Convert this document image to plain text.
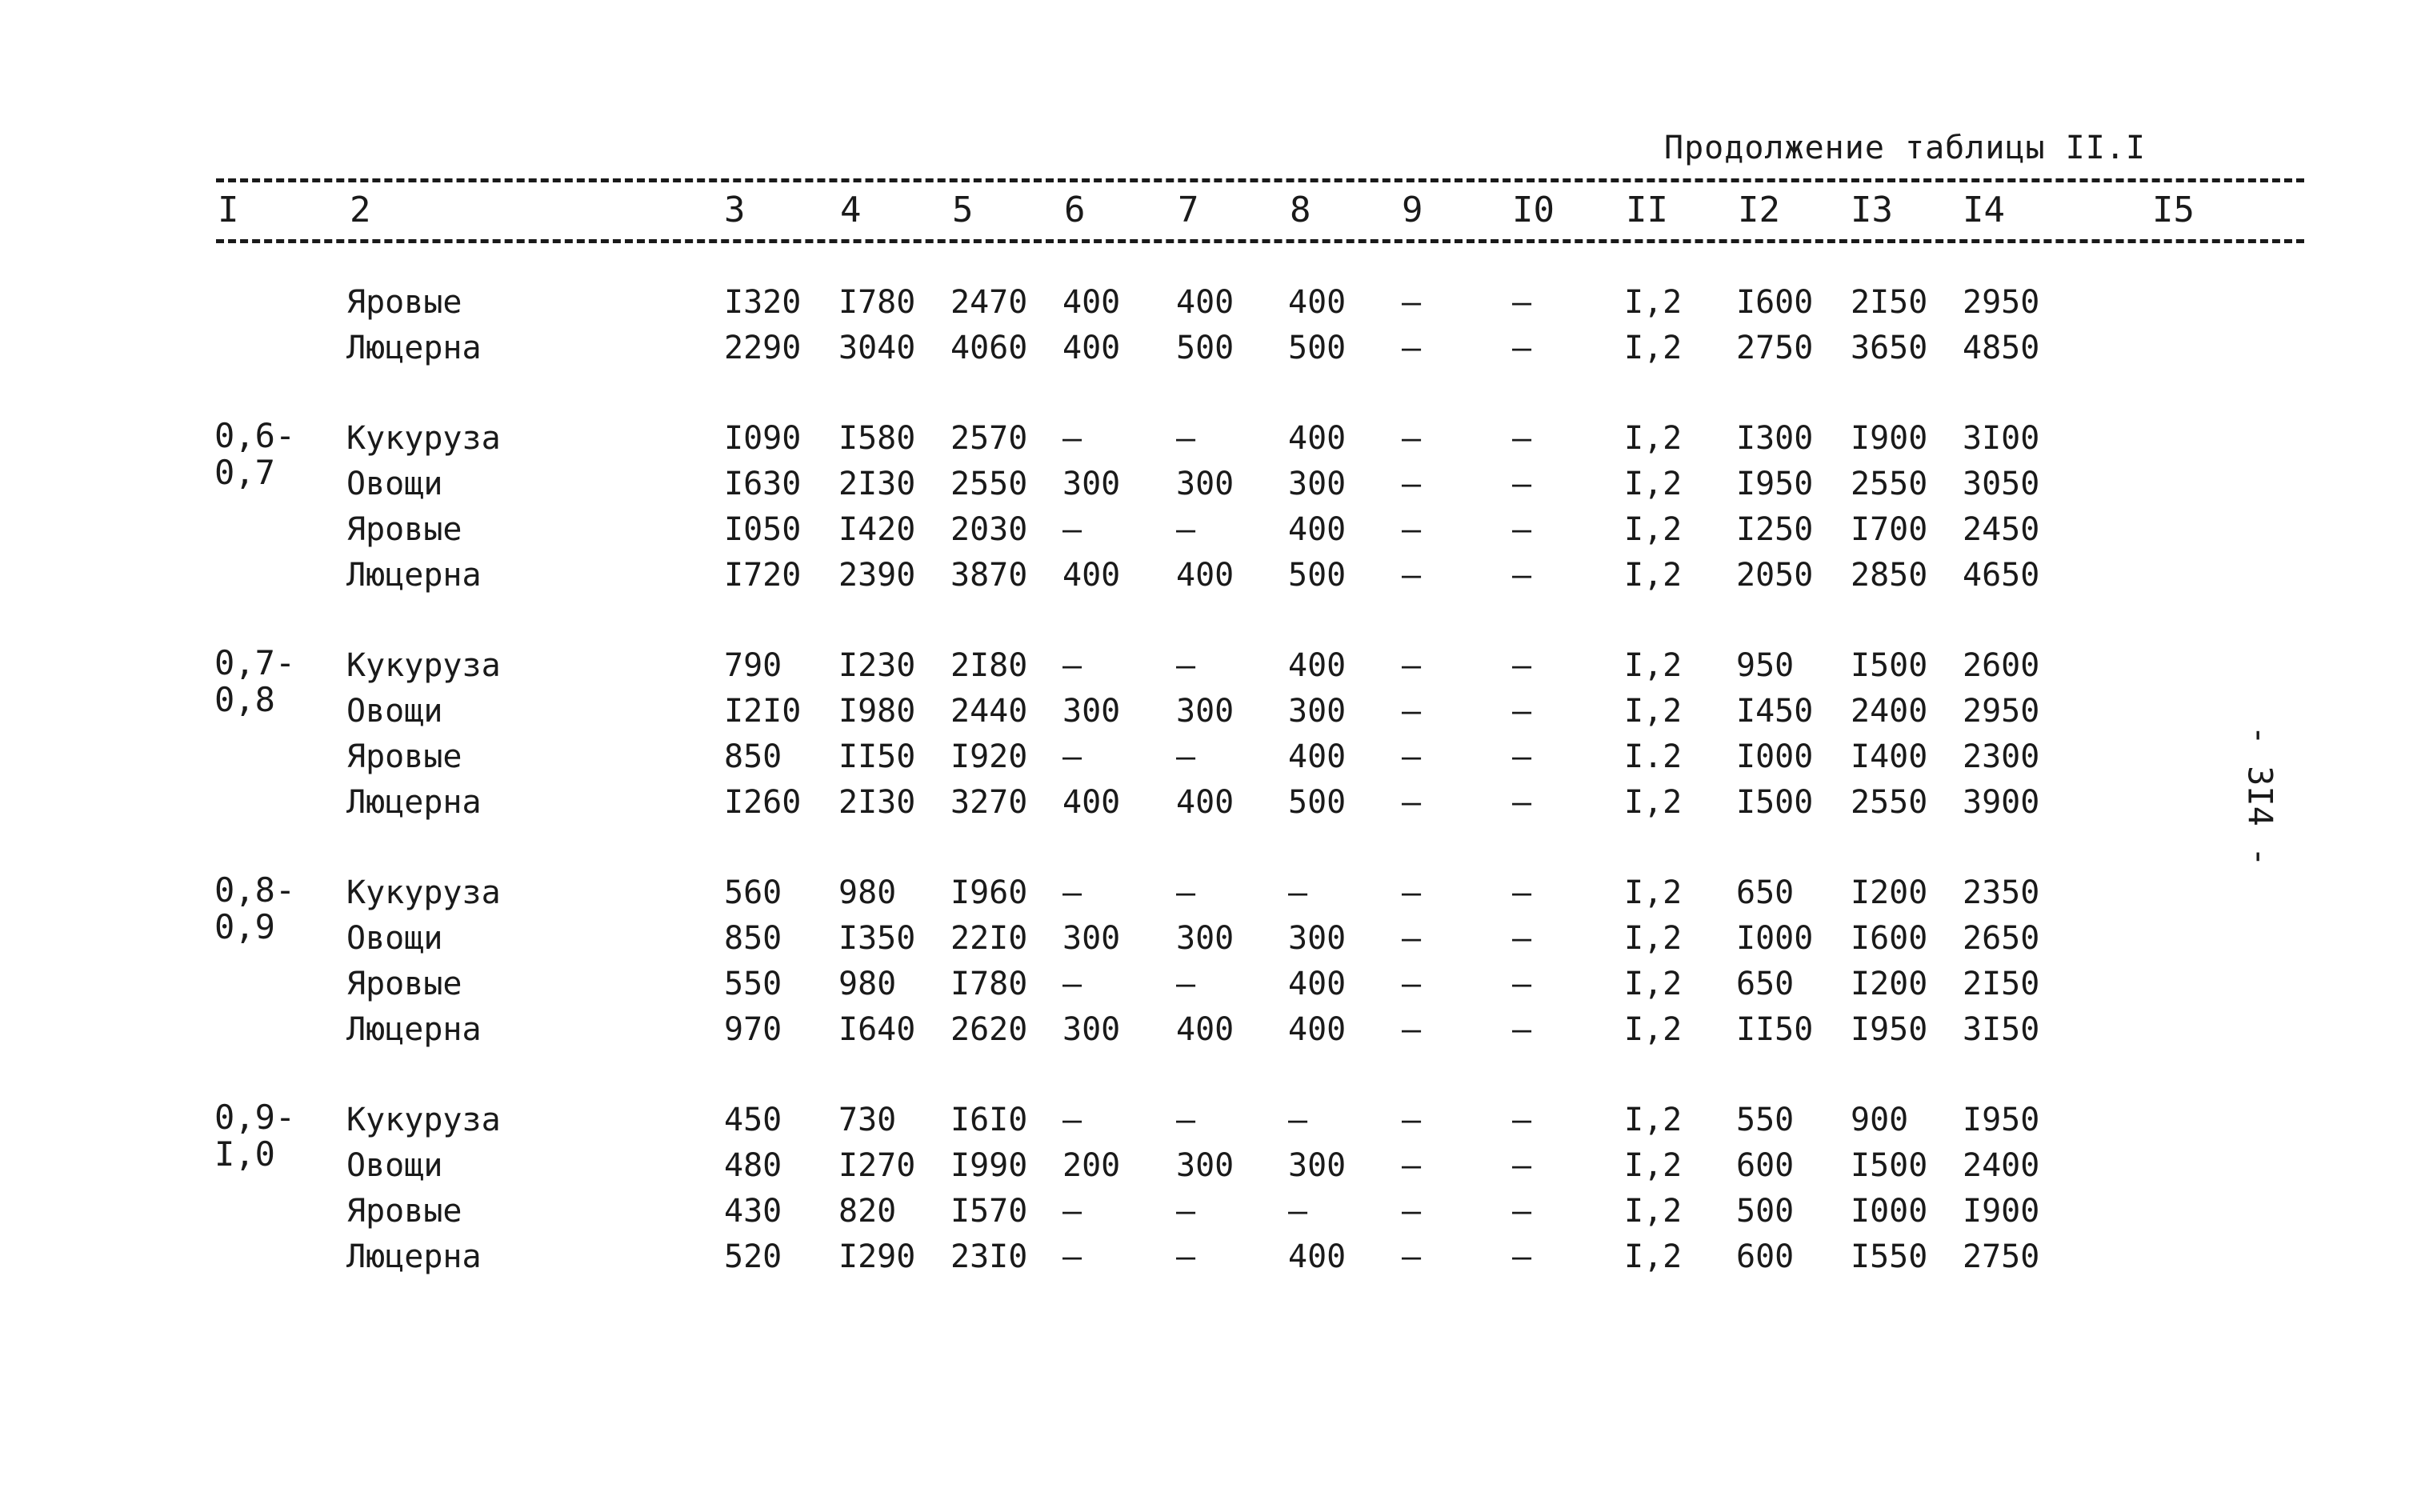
Продолжение таблицы II.I
I	2	3	4	5	6	7	8	9	I0 II I2 I3 I4	I5
Яровые	I320 I780 2470 400 400 400 –	–	I,2 I600 2I50 2950
Люцерна	2290 3040 4060 400 500 500 –	–	I,2 2750 3650 4850
0,6-
0,7
Кукуруза	I090 I580 2570 –	–	400 –	–	I,2 I300 I900 3I00
Овощи	I630 2I30 2550 300 300 300 –	–	I,2 I950 2550 3050
Яровые	I050 I420 2030 –	–	400 –	–	I,2 I250 I700 2450
Люцерна	I720 2390 3870 400 400 500 –	–	I,2 2050 2850 4650
0,7-
0,8
Кукуруза	790 I230 2I80 –	–	400 –	–	I,2 950 I500 2600
Овощи	I2I0 I980 2440 300 300 300 –	–	I,2 I450 2400 2950
Яровые	850 II50 I920 –	–	400 –	–	I.2 I000 I400 2300
Люцерна	I260 2I30 3270 400 400 500 –	–	I,2 I500 2550 3900
0,8-
0,9
Кукуруза	560 980 I960 –	–	–	–	–	I,2 650 I200 2350
Овощи	850 I350 22I0 300 300 300 –	–	I,2 I000 I600 2650
Яровые	550 980 I780 –	–	400 –	–	I,2 650 I200 2I50
Люцерна	970 I640 2620 300 400 400 –	–	I,2 II50 I950 3I50
0,9-
I,0
Кукуруза	450 730 I6I0 –	–	–	–	–	I,2 550 900 I950
Овощи	480 I270 I990 200 300 300 –	–	I,2 600 I500 2400
Яровые	430 820 I570 –	–	–	–	–	I,2 500 I000 I900
Люцерна	520 I290 23I0 –	–	400 –	–	I,2 600 I550 2750
- 3I4 -
